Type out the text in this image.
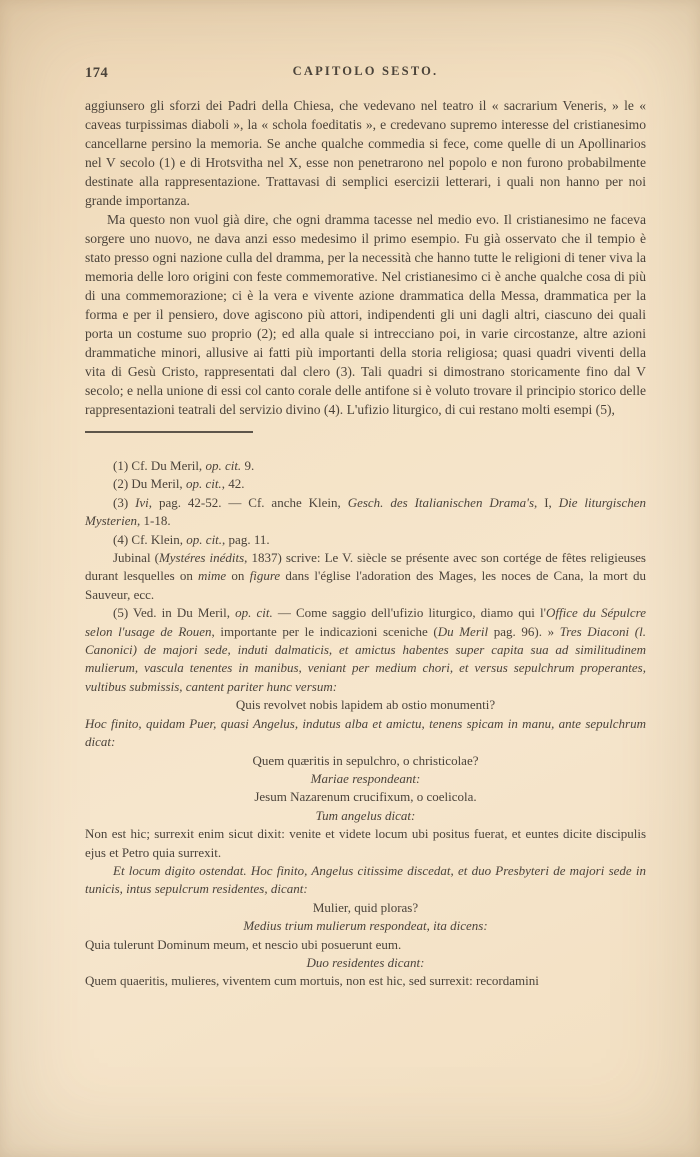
174	CAPITOLO SESTO.

aggiunsero gli sforzi dei Padri della Chiesa, che vedevano nel teatro il « sacrarium Veneris, » le « caveas turpissimas diaboli », la « schola foeditatis », e credevano supremo interesse del cristianesimo cancellarne persino la memoria. Se anche qualche commedia si fece, come quelle di un Apollinarios nel V secolo (1) e di Hrotsvitha nel X, esse non penetrarono nel popolo e non furono probabilmente destinate alla rappresentazione. Trattavasi di semplici esercizii letterari, i quali non hanno per noi grande importanza.

Ma questo non vuol già dire, che ogni dramma tacesse nel medio evo. Il cristianesimo ne faceva sorgere uno nuovo, ne dava anzi esso medesimo il primo esempio. Fu già osservato che il tempio è stato presso ogni nazione culla del dramma, per la necessità che hanno tutte le religioni di tener viva la memoria delle loro origini con feste commemorative. Nel cristianesimo ci è anche qualche cosa di più di una commemorazione; ci è la vera e vivente azione drammatica della Messa, drammatica per la forma e per il pensiero, dove agiscono più attori, indipendenti gli uni dagli altri, ciascuno dei quali porta un costume suo proprio (2); ed alla quale si intrecciano poi, in varie circostanze, altre azioni drammatiche minori, allusive ai fatti più importanti della storia religiosa; quasi quadri viventi della vita di Gesù Cristo, rappresentati dal clero (3). Tali quadri si dimostrano storicamente fino dal V secolo; e nella unione di essi col canto corale delle antifone si è voluto trovare il principio storico delle rappresentazioni teatrali del servizio divino (4). L'ufizio liturgico, di cui restano molti esempi (5),

(1) Cf. Du Meril, op. cit. 9.

(2) Du Meril, op. cit., 42.

(3) Ivi, pag. 42-52. — Cf. anche Klein, Gesch. des Italianischen Drama's, I, Die liturgischen Mysterien, 1-18.

(4) Cf. Klein, op. cit., pag. 11.

Jubinal (Mystéres inédits, 1837) scrive: Le V. siècle se présente avec son cortége de fêtes religieuses durant lesquelles on mime on figure dans l'église l'adoration des Mages, les noces de Cana, la mort du Sauveur, ecc.

(5) Ved. in Du Meril, op. cit. — Come saggio dell'ufizio liturgico, diamo qui l'Office du Sépulcre selon l'usage de Rouen, importante per le indicazioni sceniche (Du Meril pag. 96). » Tres Diaconi (l. Canonici) de majori sede, induti dalmaticis, et amictus habentes super capita sua ad similitudinem mulierum, vascula tenentes in manibus, veniant per medium chori, et versus sepulchrum properantes, vultibus submissis, cantent pariter hunc versum:

Quis revolvet nobis lapidem ab ostio monumenti?

Hoc finito, quidam Puer, quasi Angelus, indutus alba et amictu, tenens spicam in manu, ante sepulchrum dicat:

Quem quæritis in sepulchro, o christicolae?

Mariae respondeant:

Jesum Nazarenum crucifixum, o coelicola.

Tum angelus dicat:

Non est hic; surrexit enim sicut dixit: venite et videte locum ubi positus fuerat, et euntes dicite discipulis ejus et Petro quia surrexit.

Et locum digito ostendat. Hoc finito, Angelus citissime discedat, et duo Presbyteri de majori sede in tunicis, intus sepulcrum residentes, dicant:

Mulier, quid ploras?

Medius trium mulierum respondeat, ita dicens:

Quia tulerunt Dominum meum, et nescio ubi posuerunt eum.

Duo residentes dicant:

Quem quaeritis, mulieres, viventem cum mortuis, non est hic, sed surrexit: recordamini
